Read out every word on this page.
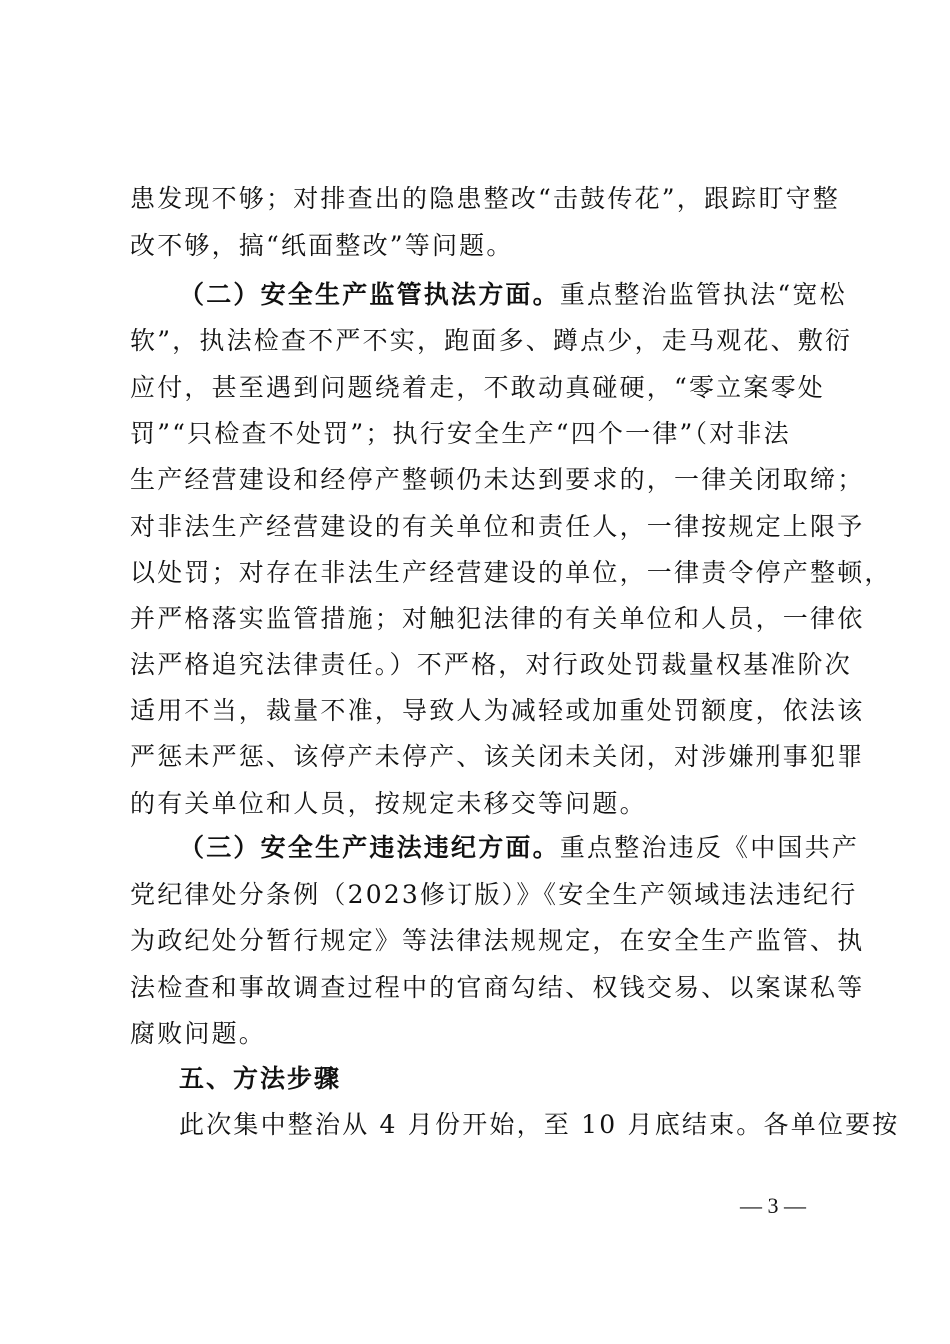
患发现不够；对排查出的隐患整改“击鼓传花”，跟踪盯守整
改不够，搞“纸面整改”等问题。
（二）安全生产监管执法方面。重点整治监管执法“宽松
软”，执法检查不严不实，跑面多、蹲点少，走马观花、敷衍
应付，甚至遇到问题绕着走，不敢动真碰硬，“零立案零处
罚”“只检查不处罚”；执行安全生产“四个一律”（对非法
生产经营建设和经停产整顿仍未达到要求的，一律关闭取缔；
对非法生产经营建设的有关单位和责任人，一律按规定上限予
以处罚；对存在非法生产经营建设的单位，一律责令停产整顿，
并严格落实监管措施；对触犯法律的有关单位和人员，一律依
法严格追究法律责任。）不严格，对行政处罚裁量权基准阶次
适用不当，裁量不准，导致人为减轻或加重处罚额度，依法该
严惩未严惩、该停产未停产、该关闭未关闭，对涉嫌刑事犯罪
的有关单位和人员，按规定未移交等问题。
（三）安全生产违法违纪方面。重点整治违反《中国共产
党纪律处分条例（2023修订版）》《安全生产领域违法违纪行
为政纪处分暂行规定》等法律法规规定，在安全生产监管、执
法检查和事故调查过程中的官商勾结、权钱交易、以案谋私等
腐败问题。
五、方法步骤
此次集中整治从 4 月份开始，至 10 月底结束。各单位要按
— 3 —
